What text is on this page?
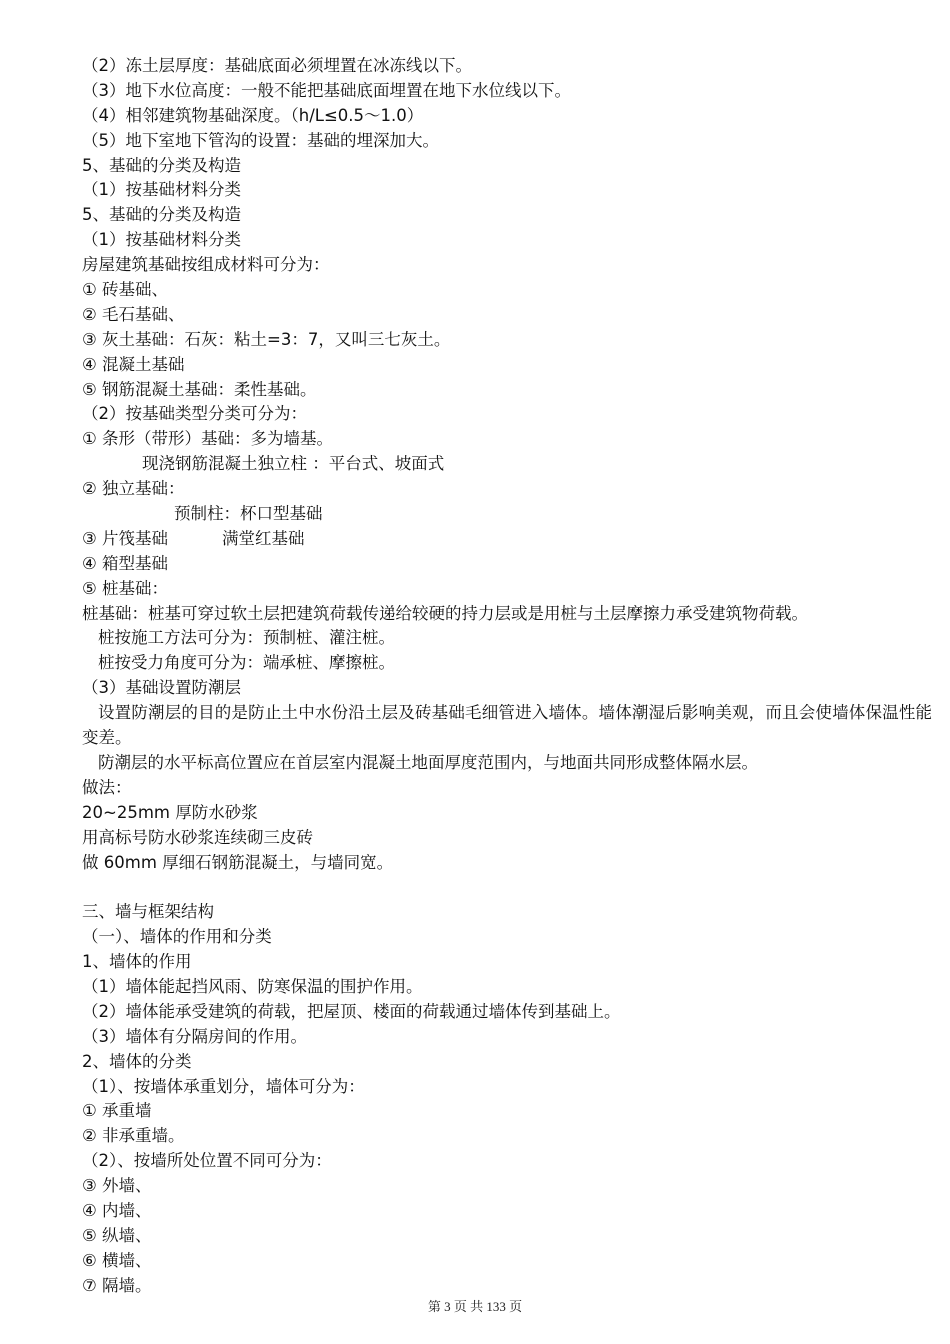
（2）冻土层厚度：基础底面必须埋置在冰冻线以下。
（3）地下水位高度：一般不能把基础底面埋置在地下水位线以下。
（4）相邻建筑物基础深度。（h/L≤0.5～1.0）
（5）地下室地下管沟的设置：基础的埋深加大。
5、基础的分类及构造
（1）按基础材料分类
5、基础的分类及构造
（1）按基础材料分类
房屋建筑基础按组成材料可分为：
① 砖基础、
② 毛石基础、
③ 灰土基础：石灰：粘土=3：7，又叫三七灰土。
④ 混凝土基础
⑤ 钢筋混凝土基础：柔性基础。
（2）按基础类型分类可分为：
① 条形（带形）基础：多为墙基。
现浇钢筋混凝土独立柱 ：平台式、坡面式
② 独立基础：
预制柱：杯口型基础
③ 片筏基础	满堂红基础
④ 箱型基础
⑤ 桩基础：
桩基础：桩基可穿过软土层把建筑荷载传递给较硬的持力层或是用桩与土层摩擦力承受建筑物荷载。
桩按施工方法可分为：预制桩、灌注桩。
桩按受力角度可分为：端承桩、摩擦桩。
（3）基础设置防潮层
设置防潮层的目的是防止土中水份沿土层及砖基础毛细管进入墙体。墙体潮湿后影响美观，而且会使墙体保温性能变差。
防潮层的水平标高位置应在首层室内混凝土地面厚度范围内，与地面共同形成整体隔水层。
做法：
20~25mm 厚防水砂浆
用高标号防水砂浆连续砌三皮砖
做 60mm 厚细石钢筋混凝土，与墙同宽。
三、墙与框架结构
（一）、墙体的作用和分类
1、墙体的作用
（1）墙体能起挡风雨、防寒保温的围护作用。
（2）墙体能承受建筑的荷载，把屋顶、楼面的荷载通过墙体传到基础上。
（3）墙体有分隔房间的作用。
2、墙体的分类
（1）、按墙体承重划分，墙体可分为：
① 承重墙
② 非承重墙。
（2）、按墙所处位置不同可分为：
③ 外墙、
④ 内墙、
⑤ 纵墙、
⑥ 横墙、
⑦ 隔墙。
第 3 页 共 133 页
